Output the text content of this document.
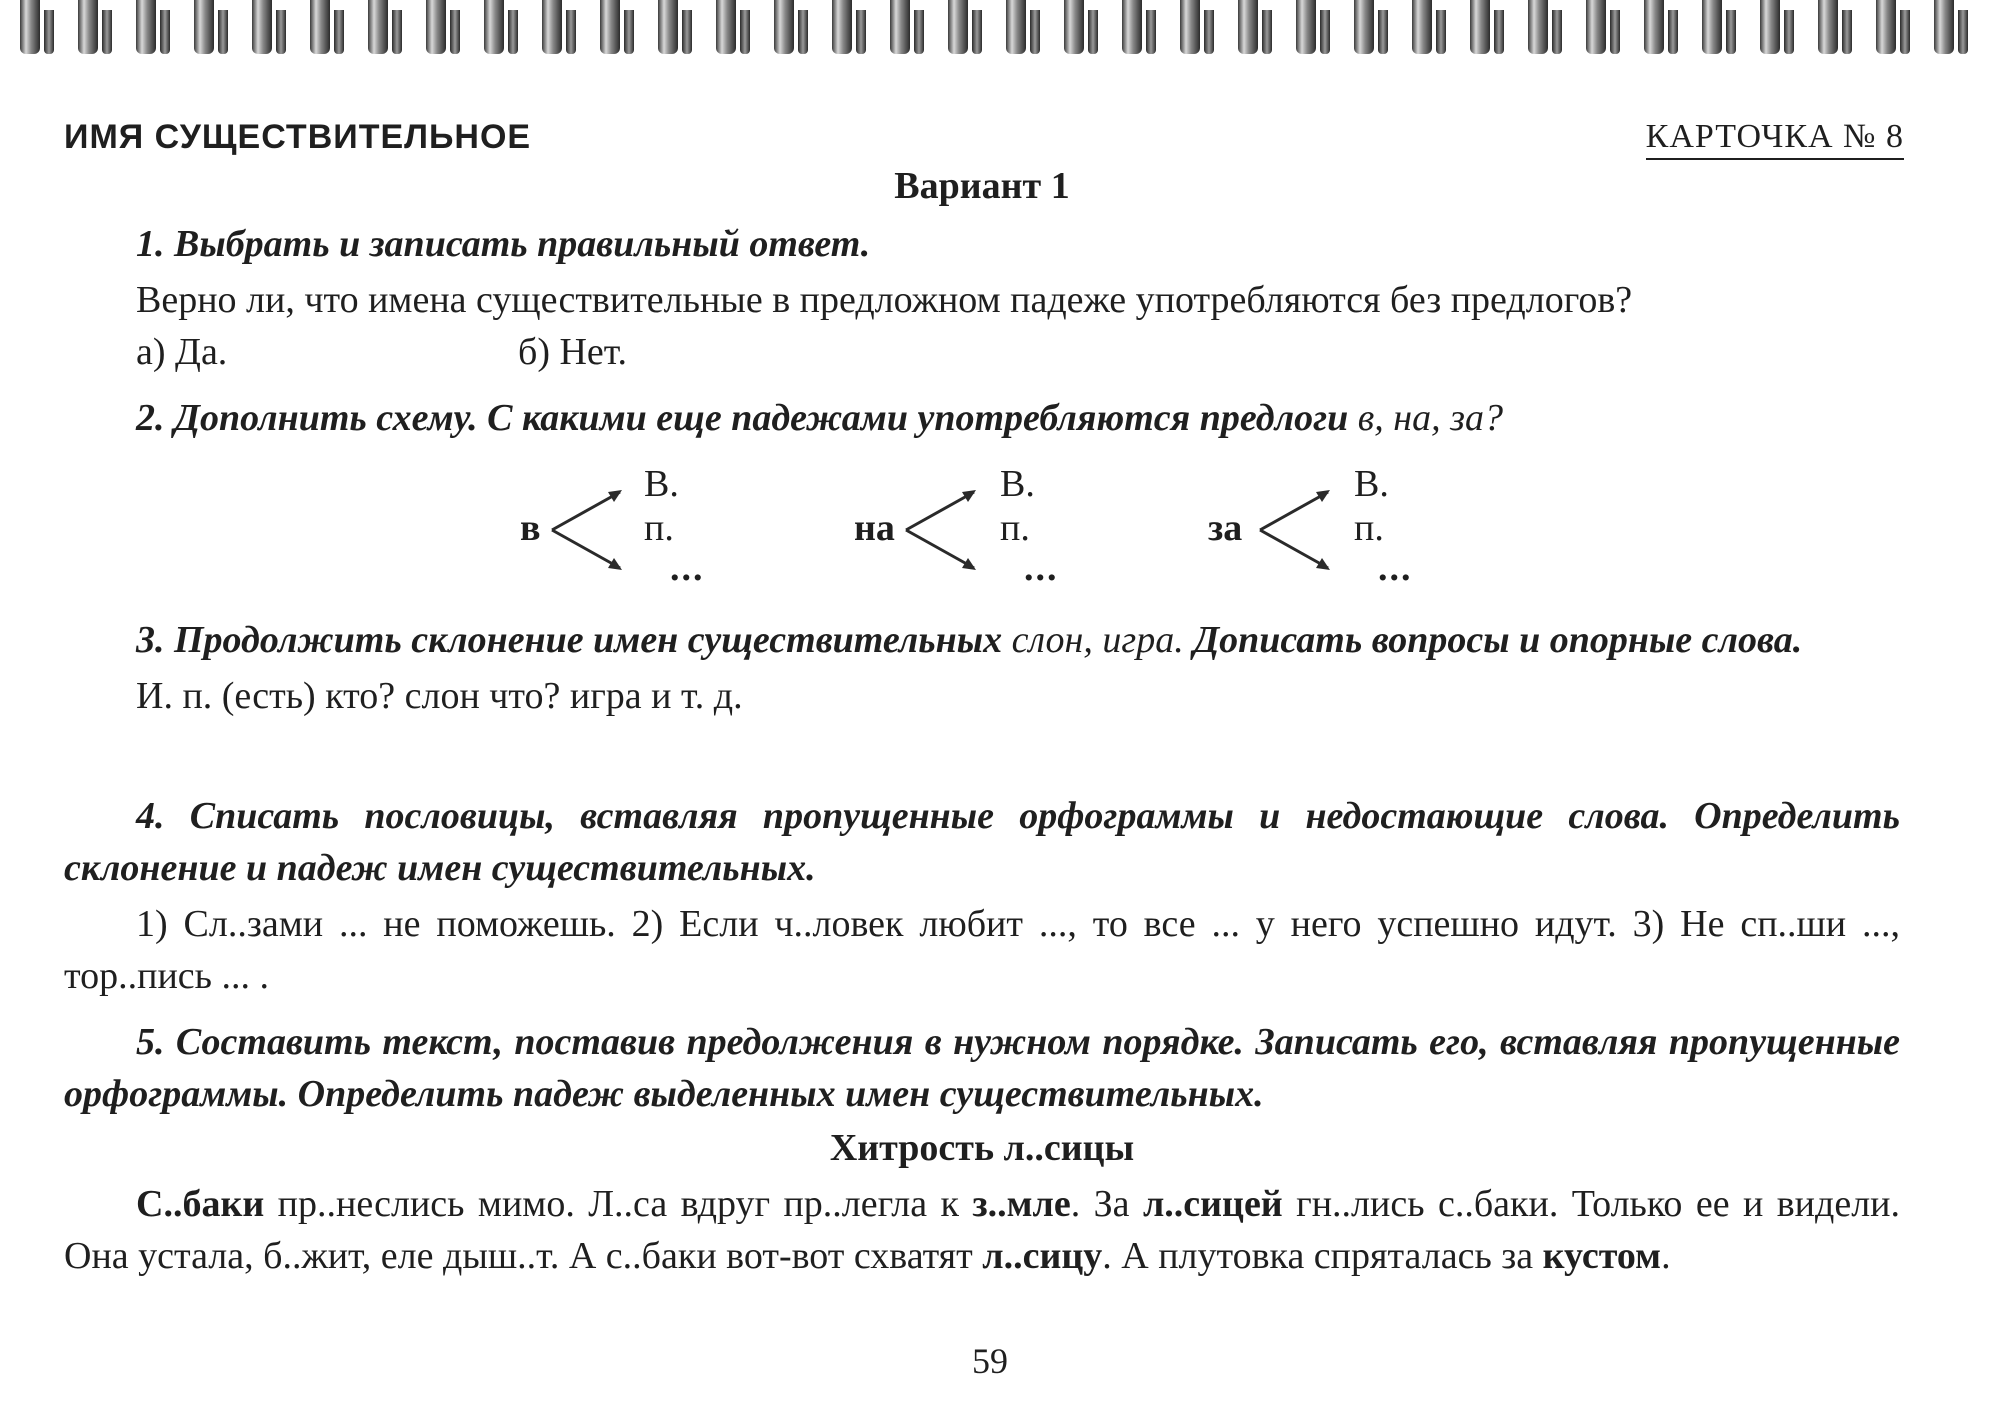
ИМЯ СУЩЕСТВИТЕЛЬНОЕ	КАРТОЧКА № 8
Вариант 1
1. Выбрать и записать правильный ответ.
Верно ли, что имена существительные в предложном падеже употребляются без предлогов?
а) Да.	б) Нет.
2. Дополнить схему. С какими еще падежами употребляются предлоги в, на, за?
в
В. п.
...
на
В. п.
...
за
В. п.
...
3. Продолжить склонение имен существительных слон, игра. Дописать вопросы и опорные слова.
И. п. (есть) кто? слон что? игра и т. д.
4. Списать пословицы, вставляя пропущенные орфограммы и недостающие слова. Определить склонение и падеж имен существительных.
1) Сл..зами ... не поможешь. 2) Если ч..ловек любит ..., то все ... у него успешно идут. 3) Не сп..ши ..., тор..пись ... .
5. Составить текст, поставив предолжения в нужном порядке. Записать его, вставляя пропущенные орфограммы. Определить падеж выделенных имен существительных.
Хитрость л..сицы
С..баки пр..неслись мимо. Л..са вдруг пр..легла к з..мле. За л..сицей гн..лись с..баки. Только ее и видели. Она устала, б..жит, еле дыш..т. А с..баки вот-вот схватят л..сицу. А плутовка спряталась за кустом.
59
